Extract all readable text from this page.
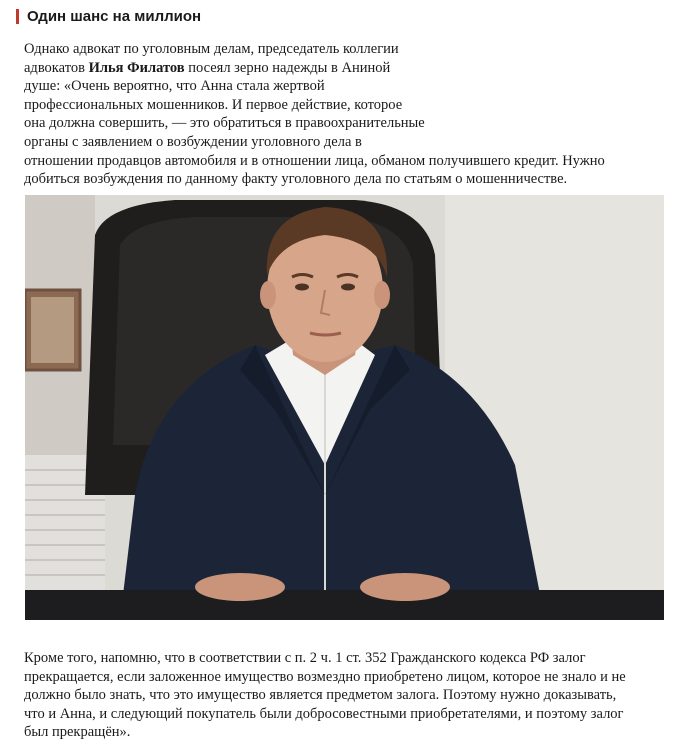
Один шанс на миллион
Однако адвокат по уголовным делам, председатель коллегии
адвокатов Илья Филатов посеял зерно надежды в Аниной
душе: «Очень вероятно, что Анна стала жертвой
профессиональных мошенников. И первое действие, которое
она должна совершить, — это обратиться в правоохранительные
органы с заявлением о возбуждении уголовного дела в
отношении продавцов автомобиля и в отношении лица, обманом получившего кредит. Нужно
добиться возбуждения по данному факту уголовного дела по статьям о мошенничестве.
Кроме того, напомню, что в соответствии с п. 2 ч. 1 ст. 352 Гражданского кодекса РФ залог
прекращается, если заложенное имущество возмездно приобретено лицом, которое не знало и не
должно было знать, что это имущество является предметом залога. Поэтому нужно доказывать,
что и Анна, и следующий покупатель были добросовестными приобретателями, и поэтому залог
был прекращён».
